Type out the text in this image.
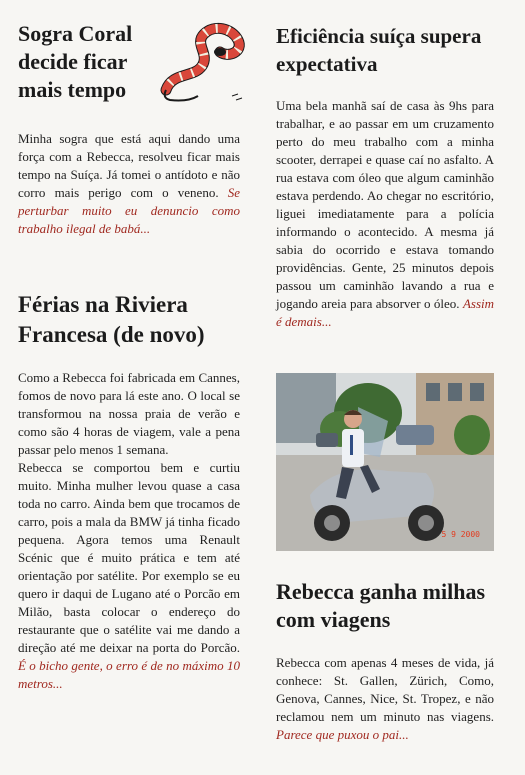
Sogra Coral decide ficar mais tempo

Minha sogra que está aqui dando uma força com a Rebecca, resolveu ficar mais tempo na Suíça. Já tomei o antídoto e não corro mais perigo com o veneno. Se perturbar muito eu denuncio como trabalho ilegal de babá...

Férias na Riviera Francesa (de novo)

Como a Rebecca foi fabricada em Cannes, fomos de novo para lá este ano. O local se transformou na nossa praia de verão e como são 4 horas de viagem, vale a pena passar pelo menos 1 semana.

Rebecca se comportou bem e curtiu muito. Minha mulher levou quase a casa toda no carro. Ainda bem que trocamos de carro, pois a mala da BMW já tinha ficado pequena. Agora temos uma Renault Scénic que é muito prática e tem até orientação por satélite. Por exemplo se eu quero ir daqui de Lugano até o Porcão em Milão, basta colocar o endereço do restaurante que o satélite vai me dando a direção até me deixar na porta do Porcão. É o bicho gente, o erro é de no máximo 10 metros...

Eficiência suíça supera expectativa

Uma bela manhã saí de casa às 9hs para trabalhar, e ao passar em um cruzamento perto do meu trabalho com a minha scooter, derrapei e quase caí no asfalto. A rua estava com óleo que algum caminhão estava perdendo. Ao chegar no escritório, liguei imediatamente para a polícia informando o acontecido. A mesma já sabia do ocorrido e estava tomando providências. Gente, 25 minutos depois passou um caminhão lavando a rua e jogando areia para absorver o óleo. Assim é demais...

5 9 2000
Rebecca ganha milhas com viagens

Rebecca com apenas 4 meses de vida, já conhece: St. Gallen, Zürich, Como, Genova, Cannes, Nice, St. Tropez, e não reclamou nem um minuto nas viagens. Parece que puxou o pai...
